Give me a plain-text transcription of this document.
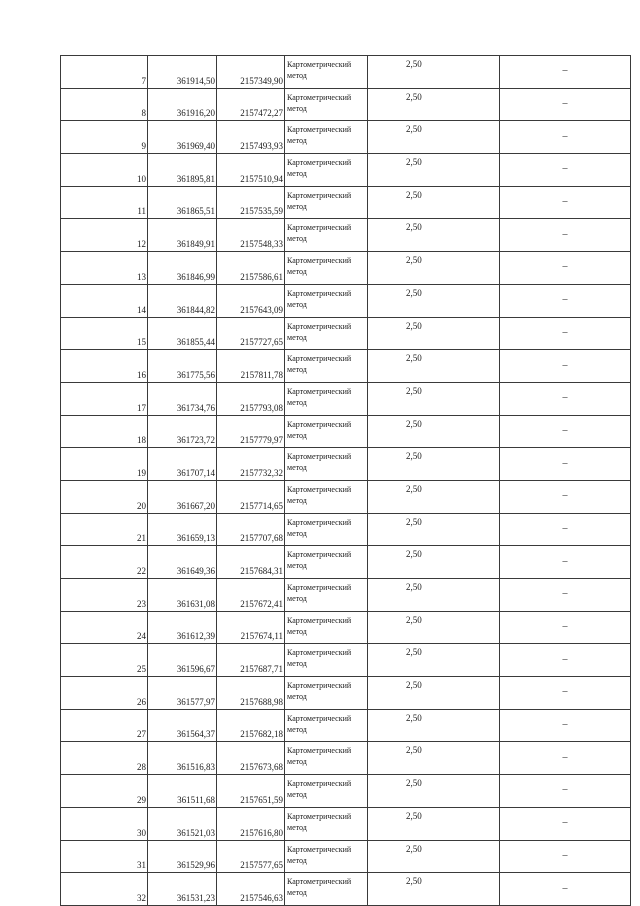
7	361914,50	2157349,90	Картометрический метод	2,50	–
8	361916,20	2157472,27	Картометрический метод	2,50	–
9	361969,40	2157493,93	Картометрический метод	2,50	–
10	361895,81	2157510,94	Картометрический метод	2,50	–
11	361865,51	2157535,59	Картометрический метод	2,50	–
12	361849,91	2157548,33	Картометрический метод	2,50	–
13	361846,99	2157586,61	Картометрический метод	2,50	–
14	361844,82	2157643,09	Картометрический метод	2,50	–
15	361855,44	2157727,65	Картометрический метод	2,50	–
16	361775,56	2157811,78	Картометрический метод	2,50	–
17	361734,76	2157793,08	Картометрический метод	2,50	–
18	361723,72	2157779,97	Картометрический метод	2,50	–
19	361707,14	2157732,32	Картометрический метод	2,50	–
20	361667,20	2157714,65	Картометрический метод	2,50	–
21	361659,13	2157707,68	Картометрический метод	2,50	–
22	361649,36	2157684,31	Картометрический метод	2,50	–
23	361631,08	2157672,41	Картометрический метод	2,50	–
24	361612,39	2157674,11	Картометрический метод	2,50	–
25	361596,67	2157687,71	Картометрический метод	2,50	–
26	361577,97	2157688,98	Картометрический метод	2,50	–
27	361564,37	2157682,18	Картометрический метод	2,50	–
28	361516,83	2157673,68	Картометрический метод	2,50	–
29	361511,68	2157651,59	Картометрический метод	2,50	–
30	361521,03	2157616,80	Картометрический метод	2,50	–
31	361529,96	2157577,65	Картометрический метод	2,50	–
32	361531,23	2157546,63	Картометрический метод	2,50	–
